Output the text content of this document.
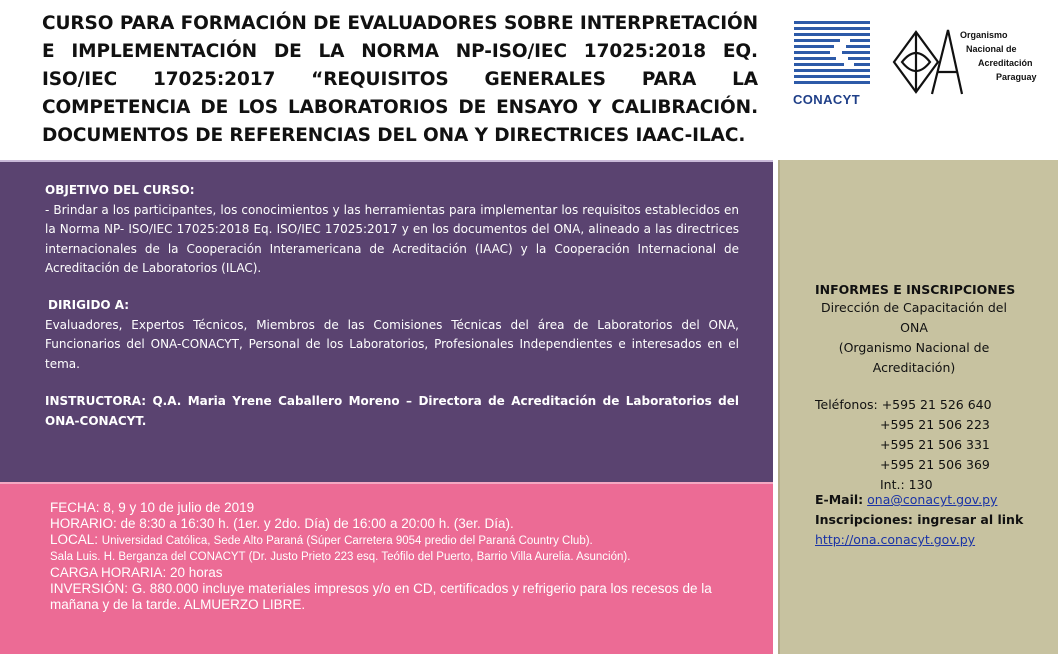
CURSO PARA FORMACIÓN DE EVALUADORES SOBRE INTERPRETACIÓN E IMPLEMENTACIÓN DE LA NORMA NP-ISO/IEC 17025:2018 EQ. ISO/IEC 17025:2017 “REQUISITOS GENERALES PARA LA COMPETENCIA DE LOS LABORATORIOS DE ENSAYO Y CALIBRACIÓN. DOCUMENTOS DE REFERENCIAS DEL ONA Y DIRECTRICES IAAC-ILAC.
CONACYT
Organismo
Nacional de
Acreditación
Paraguay
OBJETIVO DEL CURSO:
- Brindar a los participantes, los conocimientos y las herramientas para implementar los requisitos establecidos en la Norma NP- ISO/IEC 17025:2018 Eq. ISO/IEC 17025:2017 y en los documentos del ONA, alineado a las directrices internacionales de la Cooperación Interamericana de Acreditación (IAAC) y la Cooperación Internacional de Acreditación de Laboratorios (ILAC).
DIRIGIDO A:
Evaluadores, Expertos Técnicos, Miembros de las Comisiones Técnicas del área de Laboratorios del ONA, Funcionarios del ONA-CONACYT, Personal de los Laboratorios, Profesionales Independientes e interesados en el tema.
INSTRUCTORA: Q.A. Maria Yrene Caballero Moreno – Directora de Acreditación de Laboratorios del ONA-CONACYT.
FECHA: 8, 9 y 10 de julio de 2019
HORARIO: de 8:30 a 16:30 h. (1er. y 2do. Día) de 16:00 a 20:00 h. (3er. Día).
LOCAL: Universidad Católica, Sede Alto Paraná (Súper Carretera 9054 predio del Paraná Country Club).
Sala Luis. H. Berganza del CONACYT (Dr. Justo Prieto 223 esq. Teófilo del Puerto, Barrio Villa Aurelia. Asunción).
CARGA HORARIA: 20 horas
INVERSIÓN: G. 880.000 incluye materiales impresos y/o en CD, certificados y refrigerio para los recesos de la mañana y de la tarde. ALMUERZO LIBRE.
INFORMES E INSCRIPCIONES
Dirección de Capacitación del
ONA
(Organismo Nacional de
Acreditación)
Teléfonos: +595 21 526 640
+595 21 506 223
+595 21 506 331
+595 21 506 369
Int.: 130
E-Mail: ona@conacyt.gov.py
Inscripciones: ingresar al link
http://ona.conacyt.gov.py
